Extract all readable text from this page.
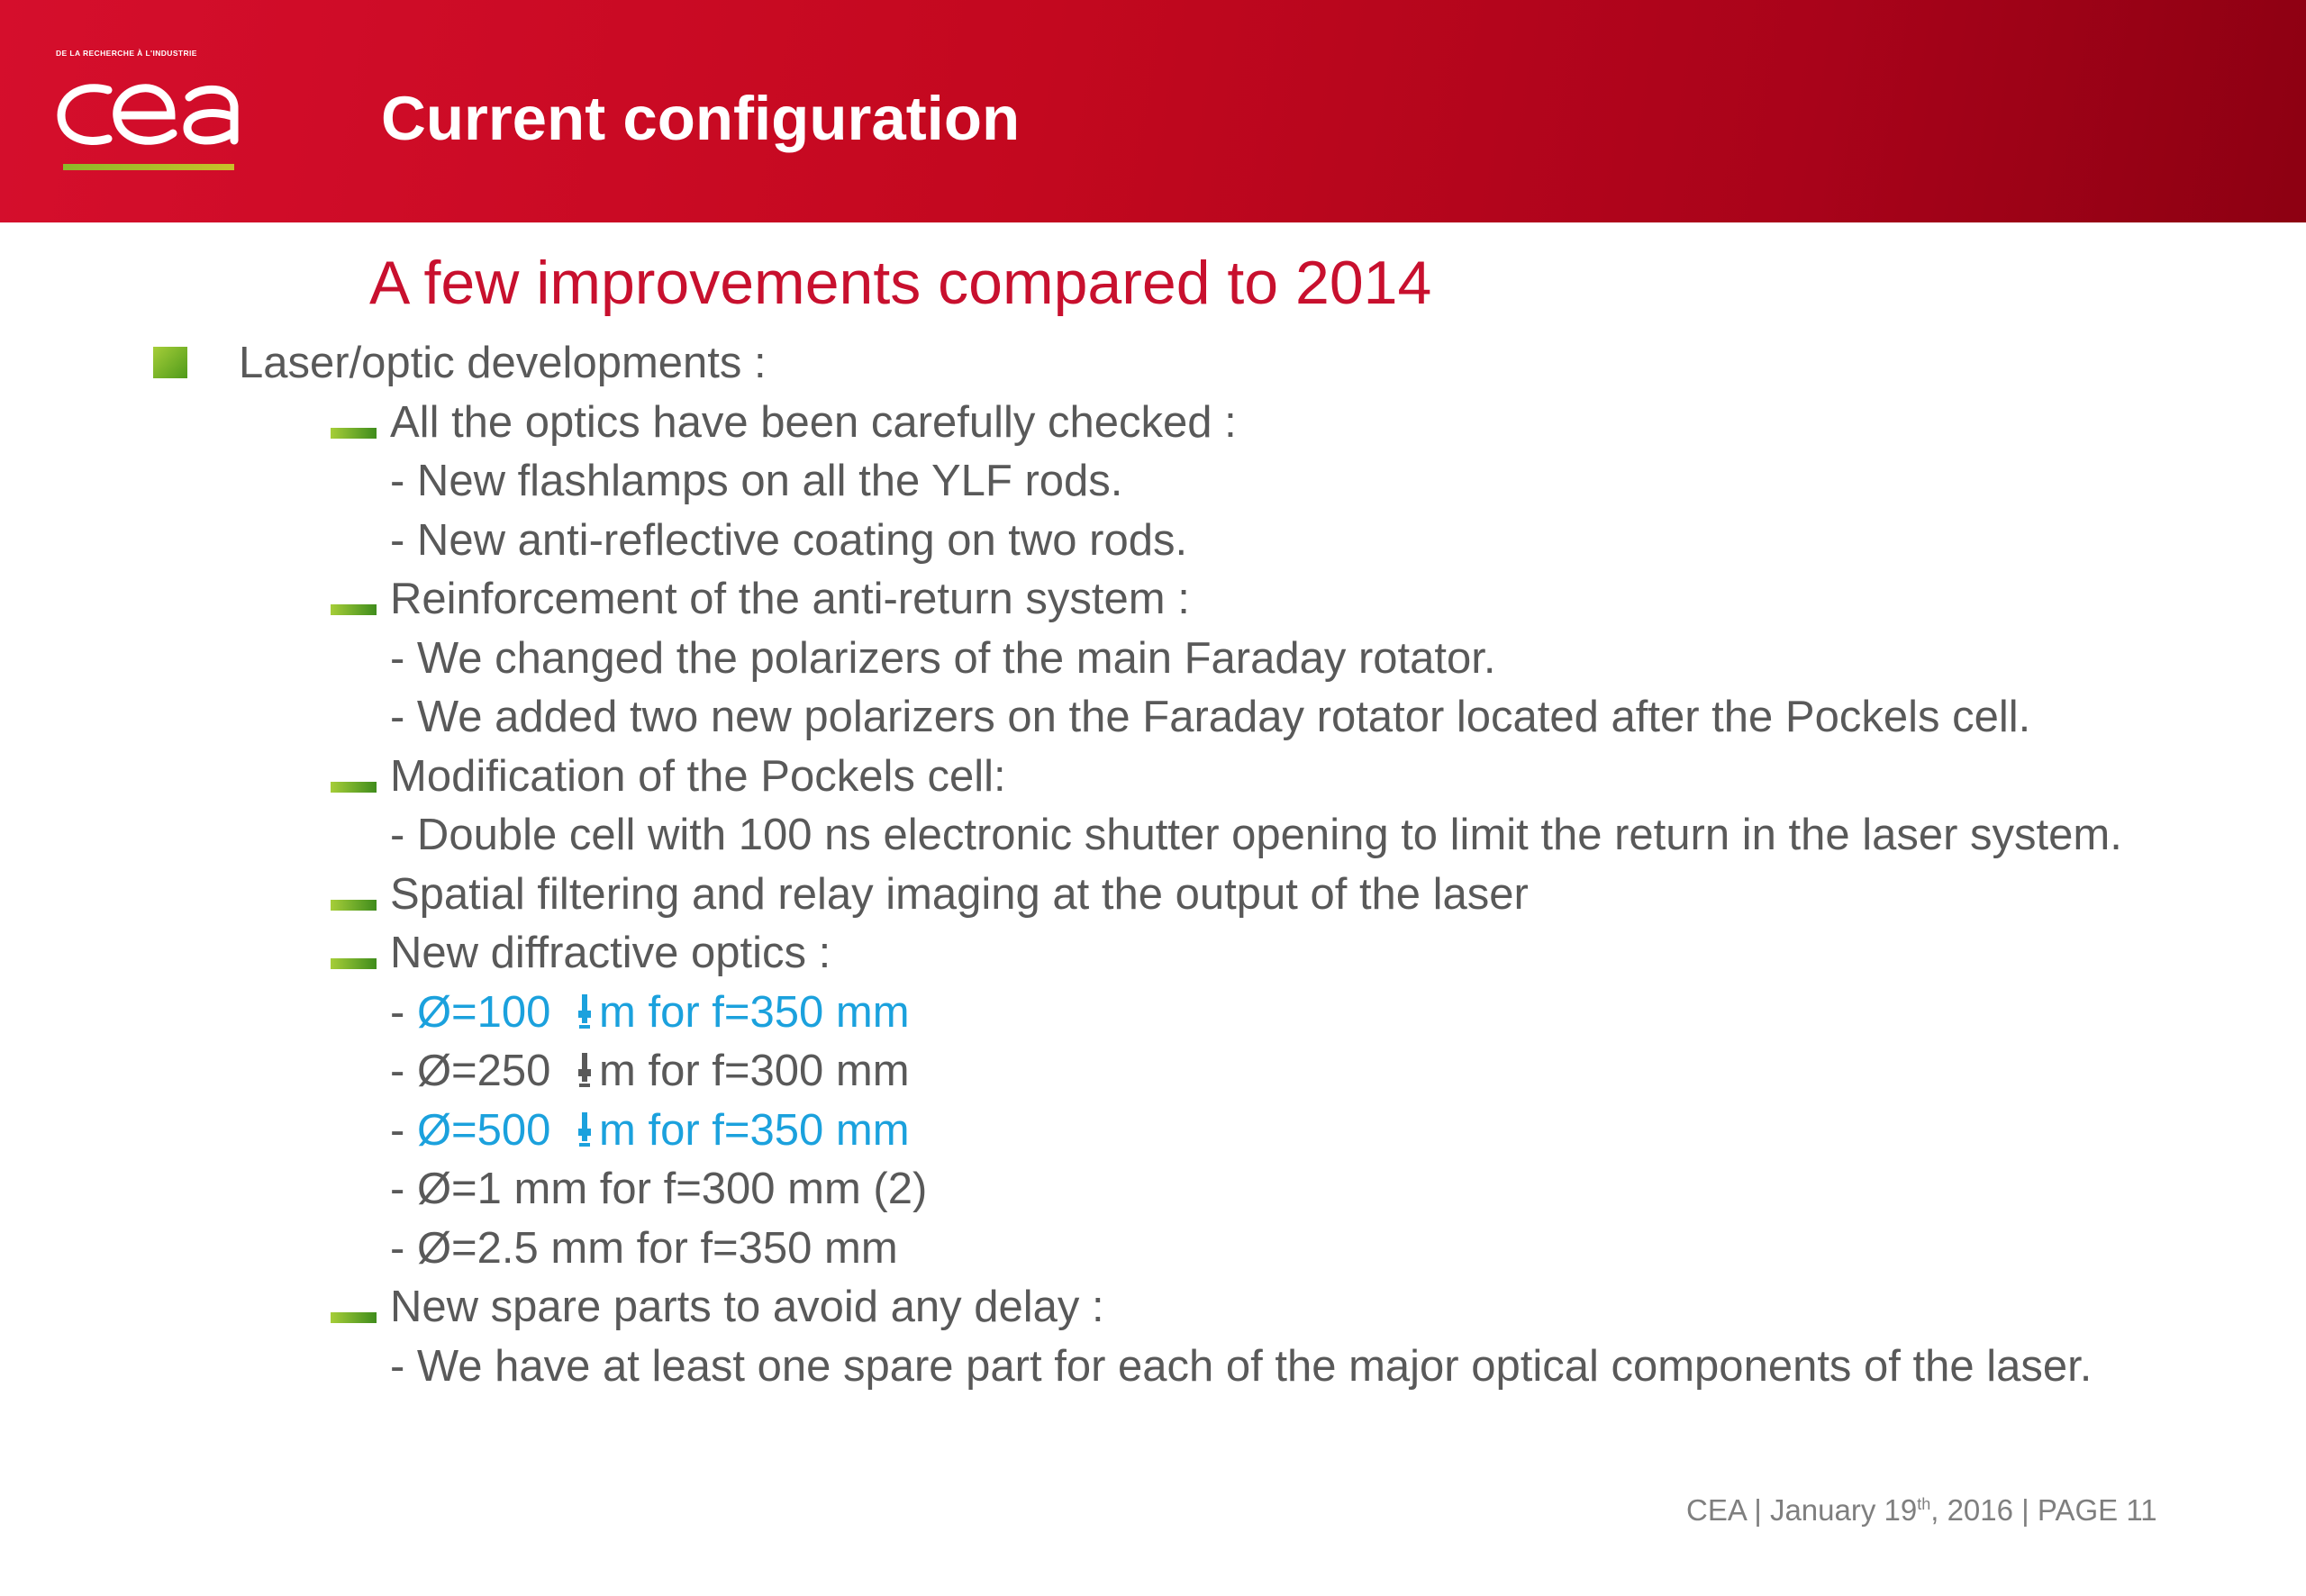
DE LA RECHERCHE À L'INDUSTRIE
Current configuration
A few improvements compared to 2014
Laser/optic developments :
All the optics have been carefully checked :
- New flashlamps on all the YLF rods.
- New anti-reflective coating on two rods.
Reinforcement of the anti-return system :
- We changed the polarizers of the main Faraday rotator.
- We added two new polarizers on the Faraday rotator located after the Pockels cell.
Modification of the Pockels cell:
- Double cell with 100 ns electronic shutter opening to limit the return in the laser system.
Spatial filtering and relay imaging at the output of the laser
New diffractive optics :
- Ø=100
m for f=350 mm
- Ø=250
m for f=300 mm
- Ø=500
m for f=350 mm
- Ø=1 mm for f=300 mm (2)
- Ø=2.5 mm for f=350 mm
New spare parts to avoid any delay :
- We have at least one spare part for each of the major optical components of the laser.
CEA | January 19th, 2016 | PAGE 11
